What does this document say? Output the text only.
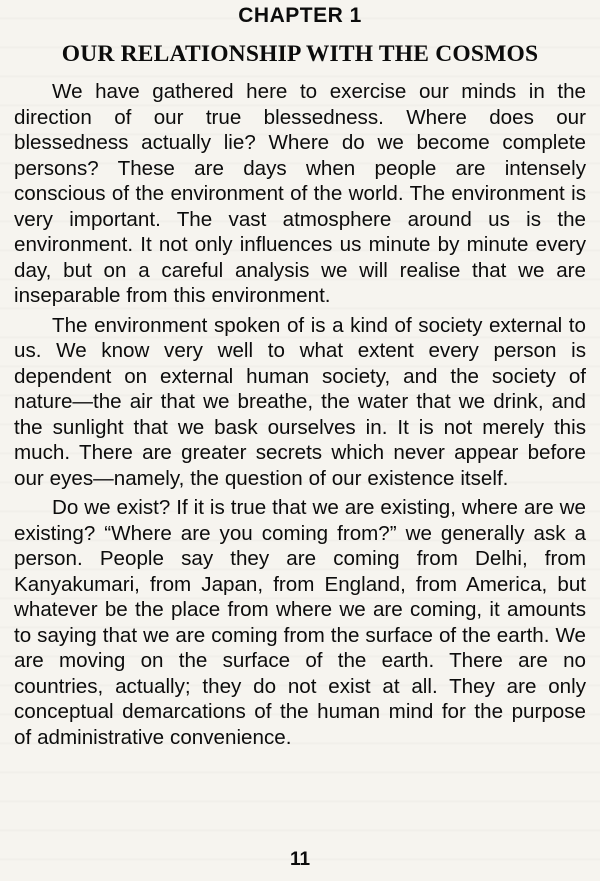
CHAPTER 1
OUR RELATIONSHIP WITH THE COSMOS

We have gathered here to exercise our minds in the direction of our true blessedness. Where does our blessedness actually lie? Where do we become complete persons? These are days when people are intensely conscious of the environment of the world. The environment is very important. The vast atmosphere around us is the environment. It not only influences us minute by minute every day, but on a careful analysis we will realise that we are inseparable from this environment.

The environment spoken of is a kind of society external to us. We know very well to what extent every person is dependent on external human society, and the society of nature—the air that we breathe, the water that we drink, and the sunlight that we bask ourselves in. It is not merely this much. There are greater secrets which never appear before our eyes—namely, the question of our existence itself.

Do we exist? If it is true that we are existing, where are we existing? “Where are you coming from?” we generally ask a person. People say they are coming from Delhi, from Kanyakumari, from Japan, from England, from America, but whatever be the place from where we are coming, it amounts to saying that we are coming from the surface of the earth. We are moving on the surface of the earth. There are no countries, actually; they do not exist at all. They are only conceptual demarcations of the human mind for the purpose of administrative convenience.

11
